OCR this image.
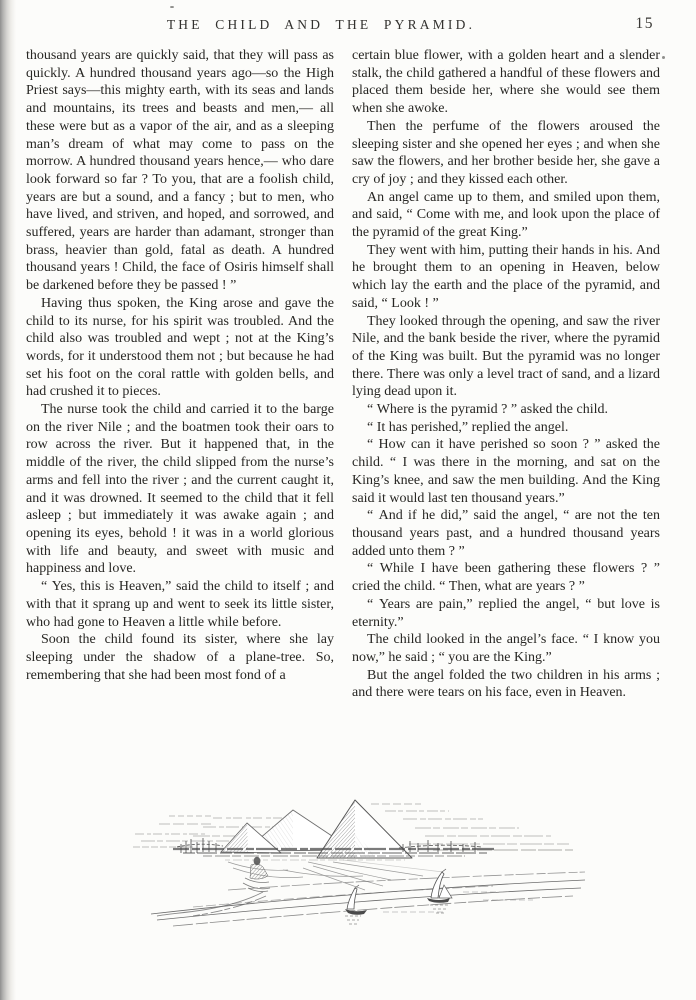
THE CHILD AND THE PYRAMID.	15

thousand years are quickly said, that they will pass as quickly. A hundred thousand years ago—so the High Priest says—this mighty earth, with its seas and lands and mountains, its trees and beasts and men,— all these were but as a vapor of the air, and as a sleeping man’s dream of what may come to pass on the morrow. A hundred thousand years hence,— who dare look forward so far ? To you, that are a foolish child, years are but a sound, and a fancy ; but to men, who have lived, and striven, and hoped, and sorrowed, and suffered, years are harder than adamant, stronger than brass, heavier than gold, fatal as death. A hundred thousand years ! Child, the face of Osiris himself shall be darkened before they be passed ! ”

Having thus spoken, the King arose and gave the child to its nurse, for his spirit was troubled. And the child also was troubled and wept ; not at the King’s words, for it understood them not ; but because he had set his foot on the coral rattle with golden bells, and had crushed it to pieces.

The nurse took the child and carried it to the barge on the river Nile ; and the boatmen took their oars to row across the river. But it happened that, in the middle of the river, the child slipped from the nurse’s arms and fell into the river ; and the current caught it, and it was drowned. It seemed to the child that it fell asleep ; but immediately it was awake again ; and opening its eyes, behold ! it was in a world glorious with life and beauty, and sweet with music and happiness and love.

“ Yes, this is Heaven,” said the child to itself ; and with that it sprang up and went to seek its little sister, who had gone to Heaven a little while before.

Soon the child found its sister, where she lay sleeping under the shadow of a plane-tree. So, remembering that she had been most fond of a

certain blue flower, with a golden heart and a slender stalk, the child gathered a handful of these flowers and placed them beside her, where she would see them when she awoke.

Then the perfume of the flowers aroused the sleeping sister and she opened her eyes ; and when she saw the flowers, and her brother beside her, she gave a cry of joy ; and they kissed each other.

An angel came up to them, and smiled upon them, and said, “ Come with me, and look upon the place of the pyramid of the great King.”

They went with him, putting their hands in his. And he brought them to an opening in Heaven, below which lay the earth and the place of the pyramid, and said, “ Look ! ”

They looked through the opening, and saw the river Nile, and the bank beside the river, where the pyramid of the King was built. But the pyramid was no longer there. There was only a level tract of sand, and a lizard lying dead upon it.

“ Where is the pyramid ? ” asked the child.

“ It has perished,” replied the angel.

“ How can it have perished so soon ? ” asked the child. “ I was there in the morning, and sat on the King’s knee, and saw the men building. And the King said it would last ten thousand years.”

“ And if he did,” said the angel, “ are not the ten thousand years past, and a hundred thousand years added unto them ? ”

“ While I have been gathering these flowers ? ” cried the child. “ Then, what are years ? ”

“ Years are pain,” replied the angel, “ but love is eternity.”

The child looked in the angel’s face. “ I know you now,” he said ; “ you are the King.”

But the angel folded the two children in his arms ; and there were tears on his face, even in Heaven.
